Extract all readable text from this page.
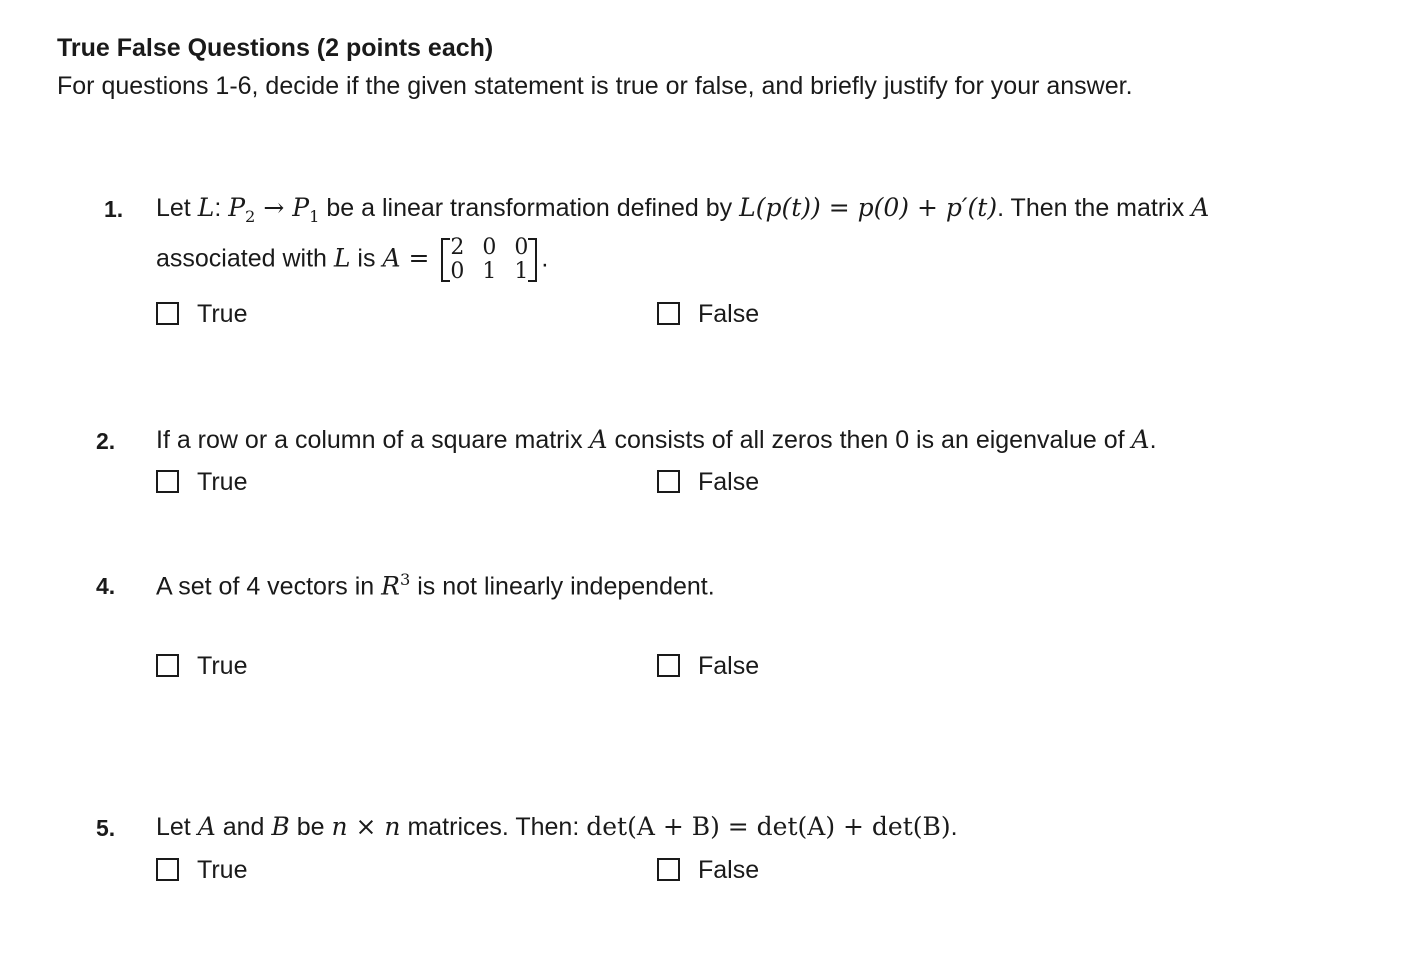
True False Questions (2 points each)
For questions 1-6, decide if the given statement is true or false, and briefly justify for your answer.
1. Let L: $P_2 \to P_1$ be a linear transformation defined by L(p(t)) = p(0) + p′(t). Then the matrix A
associated with L is A = 2	0	0
0	1	1 .
True	False
2. If a row or a column of a square matrix A consists of all zeros then 0 is an eigenvalue of A.
True	False
4. A set of 4 vectors in $R^3$ is not linearly independent.
True	False
5. Let A and B be n × n matrices. Then: det(A + B) = det(A) + det(B).
True	False
